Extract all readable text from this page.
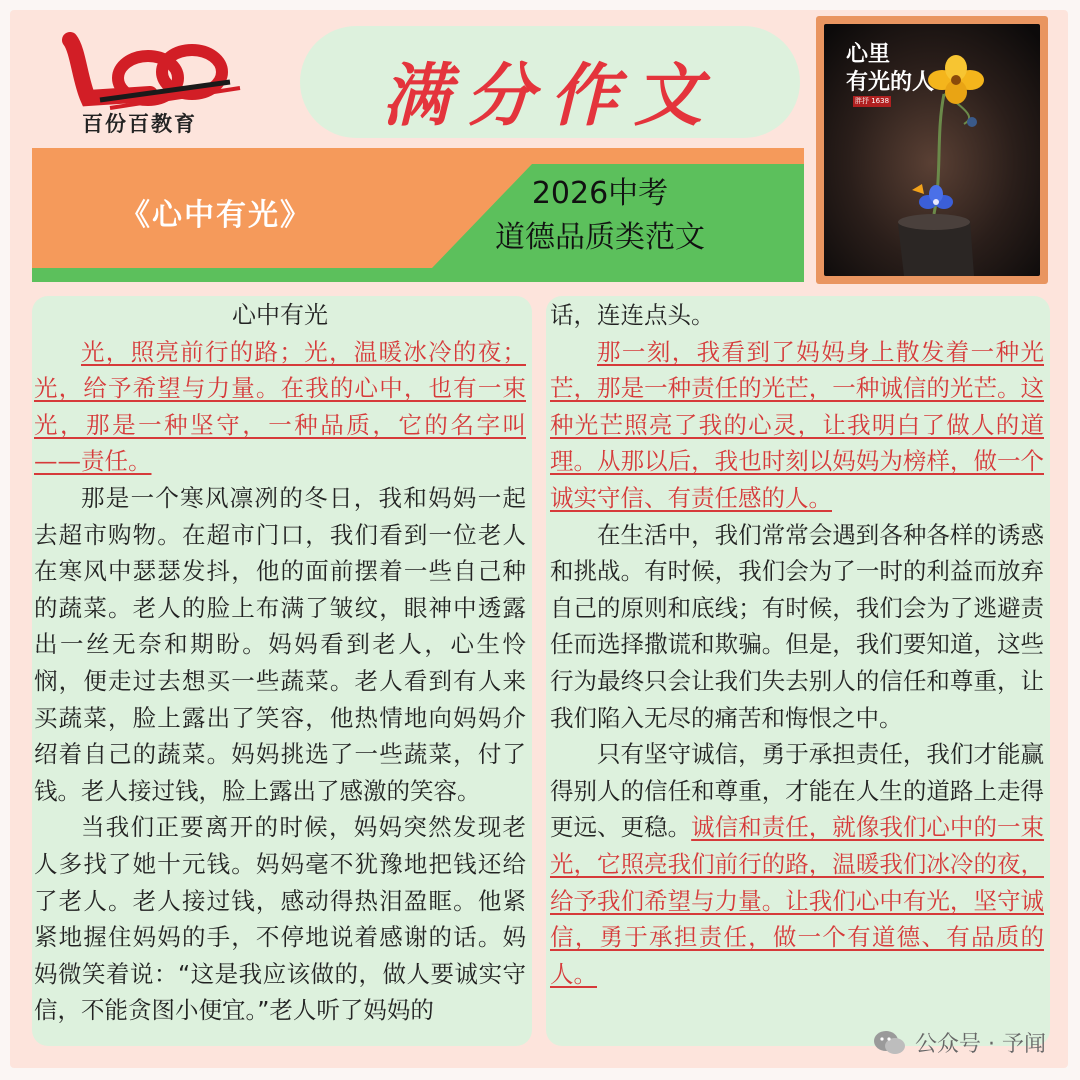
百份百教育	满分作文
《心中有光》
2026中考
道德品质类范文
心里
有光的人
胖抒 1638

心中有光

光，照亮前行的路；光，温暖冰冷的夜；光，给予希望与力量。在我的心中，也有一束光，那是一种坚守，一种品质，它的名字叫——责任。

那是一个寒风凛冽的冬日，我和妈妈一起去超市购物。在超市门口，我们看到一位老人在寒风中瑟瑟发抖，他的面前摆着一些自己种的蔬菜。老人的脸上布满了皱纹，眼神中透露出一丝无奈和期盼。妈妈看到老人，心生怜悯，便走过去想买一些蔬菜。老人看到有人来买蔬菜，脸上露出了笑容，他热情地向妈妈介绍着自己的蔬菜。妈妈挑选了一些蔬菜，付了钱。老人接过钱，脸上露出了感激的笑容。

当我们正要离开的时候，妈妈突然发现老人多找了她十元钱。妈妈毫不犹豫地把钱还给了老人。老人接过钱，感动得热泪盈眶。他紧紧地握住妈妈的手，不停地说着感谢的话。妈妈微笑着说：“这是我应该做的，做人要诚实守信，不能贪图小便宜。”老人听了妈妈的

话，连连点头。

那一刻，我看到了妈妈身上散发着一种光芒，那是一种责任的光芒，一种诚信的光芒。这种光芒照亮了我的心灵，让我明白了做人的道理。从那以后，我也时刻以妈妈为榜样，做一个诚实守信、有责任感的人。

在生活中，我们常常会遇到各种各样的诱惑和挑战。有时候，我们会为了一时的利益而放弃自己的原则和底线；有时候，我们会为了逃避责任而选择撒谎和欺骗。但是，我们要知道，这些行为最终只会让我们失去别人的信任和尊重，让我们陷入无尽的痛苦和悔恨之中。

只有坚守诚信，勇于承担责任，我们才能赢得别人的信任和尊重，才能在人生的道路上走得更远、更稳。诚信和责任，就像我们心中的一束光，它照亮我们前行的路，温暖我们冰冷的夜，给予我们希望与力量。让我们心中有光，坚守诚信，勇于承担责任，做一个有道德、有品质的人。

公众号 · 予闻
